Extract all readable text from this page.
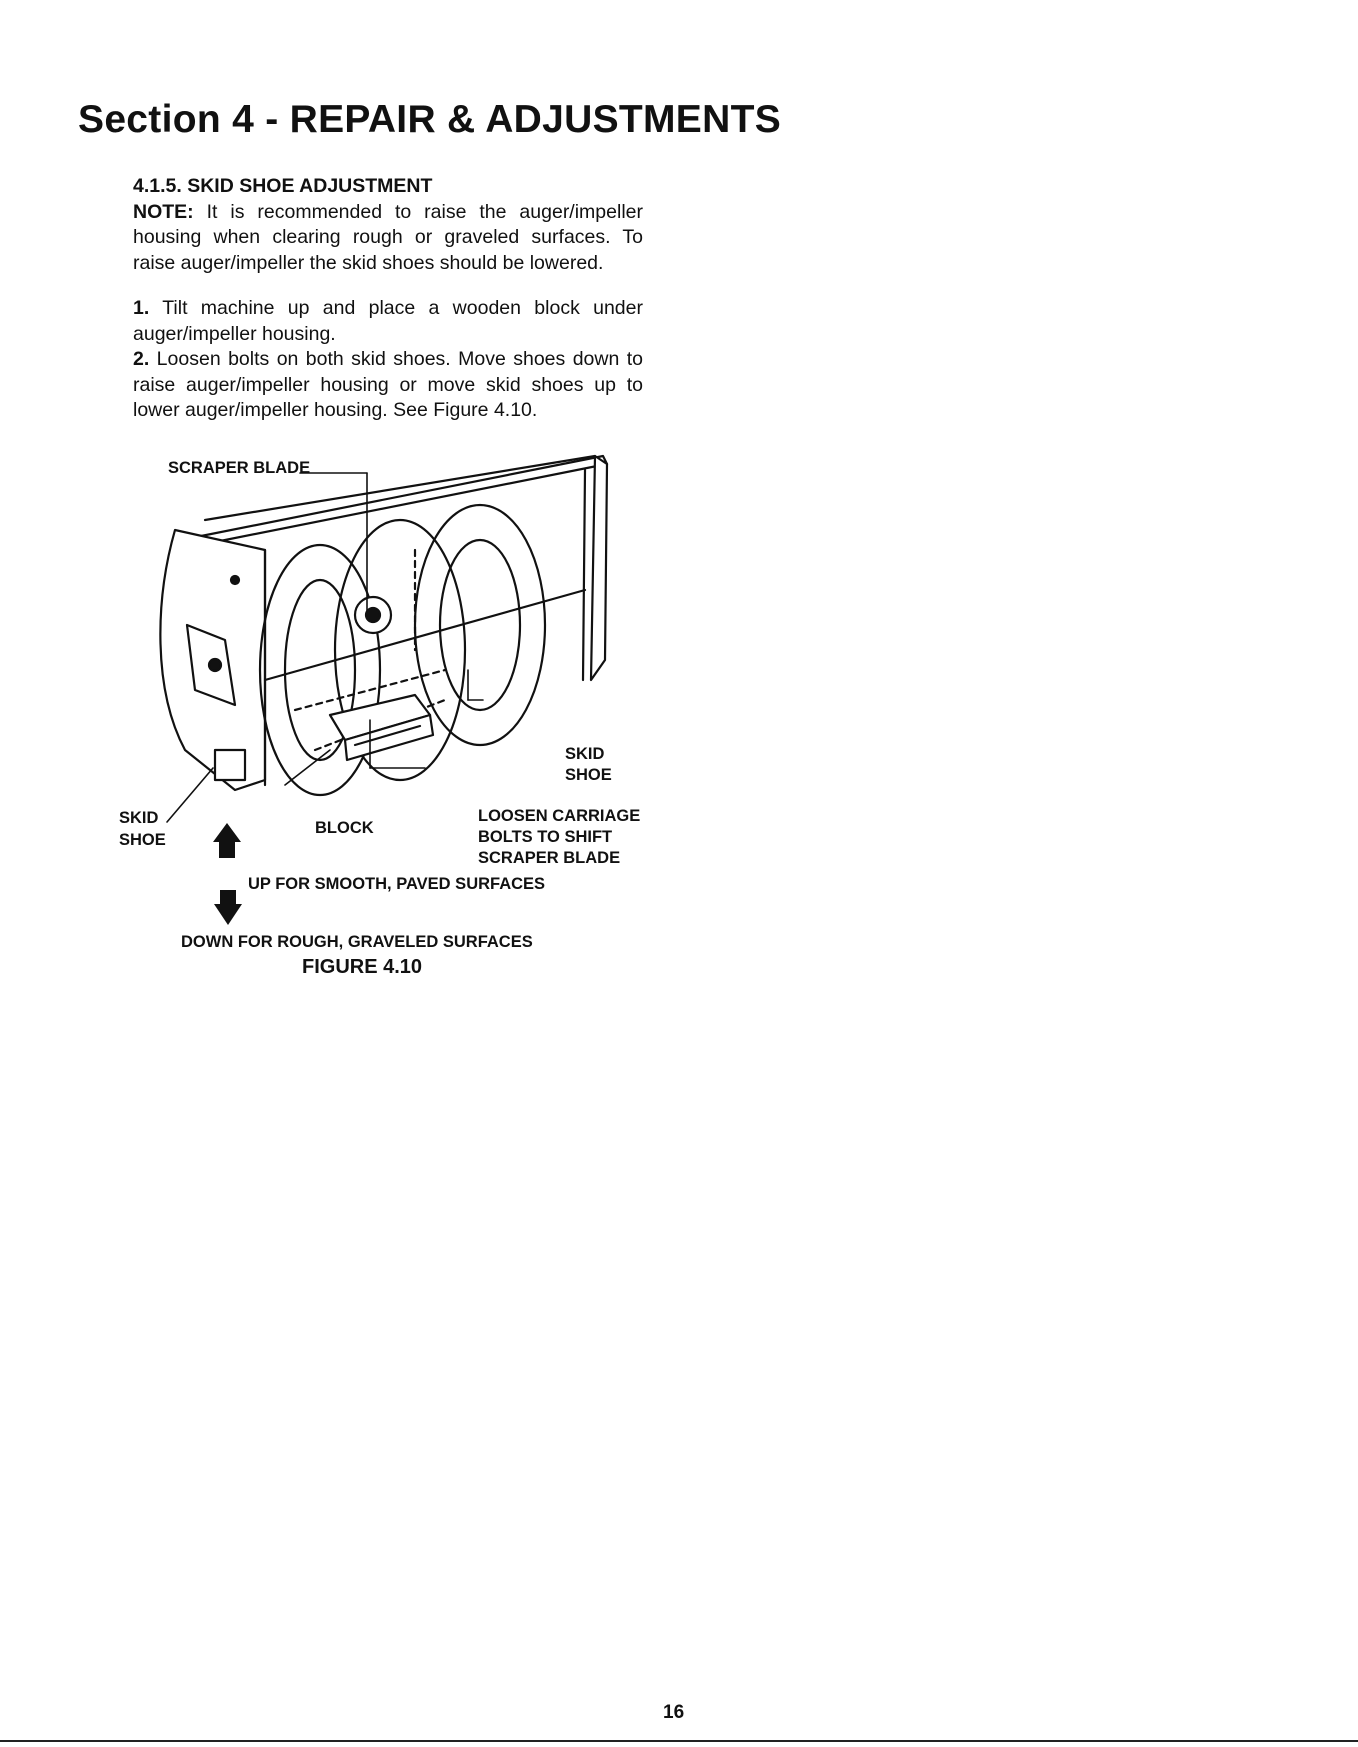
Section 4 - REPAIR & ADJUSTMENTS

4.1.5. SKID SHOE ADJUSTMENT

NOTE: It is recommended to raise the auger/impeller housing when clearing rough or graveled surfaces. To raise auger/impeller the skid shoes should be lowered.

1. Tilt machine up and place a wooden block under auger/impeller housing.

2. Loosen bolts on both skid shoes. Move shoes down to raise auger/impeller housing or move skid shoes up to lower auger/impeller housing. See Figure 4.10.

SCRAPER BLADE
SKID
SHOE
SKID
SHOE
BLOCK
LOOSEN CARRIAGE
BOLTS TO SHIFT
SCRAPER BLADE
UP FOR SMOOTH, PAVED SURFACES
DOWN FOR ROUGH, GRAVELED SURFACES
FIGURE 4.10
16
